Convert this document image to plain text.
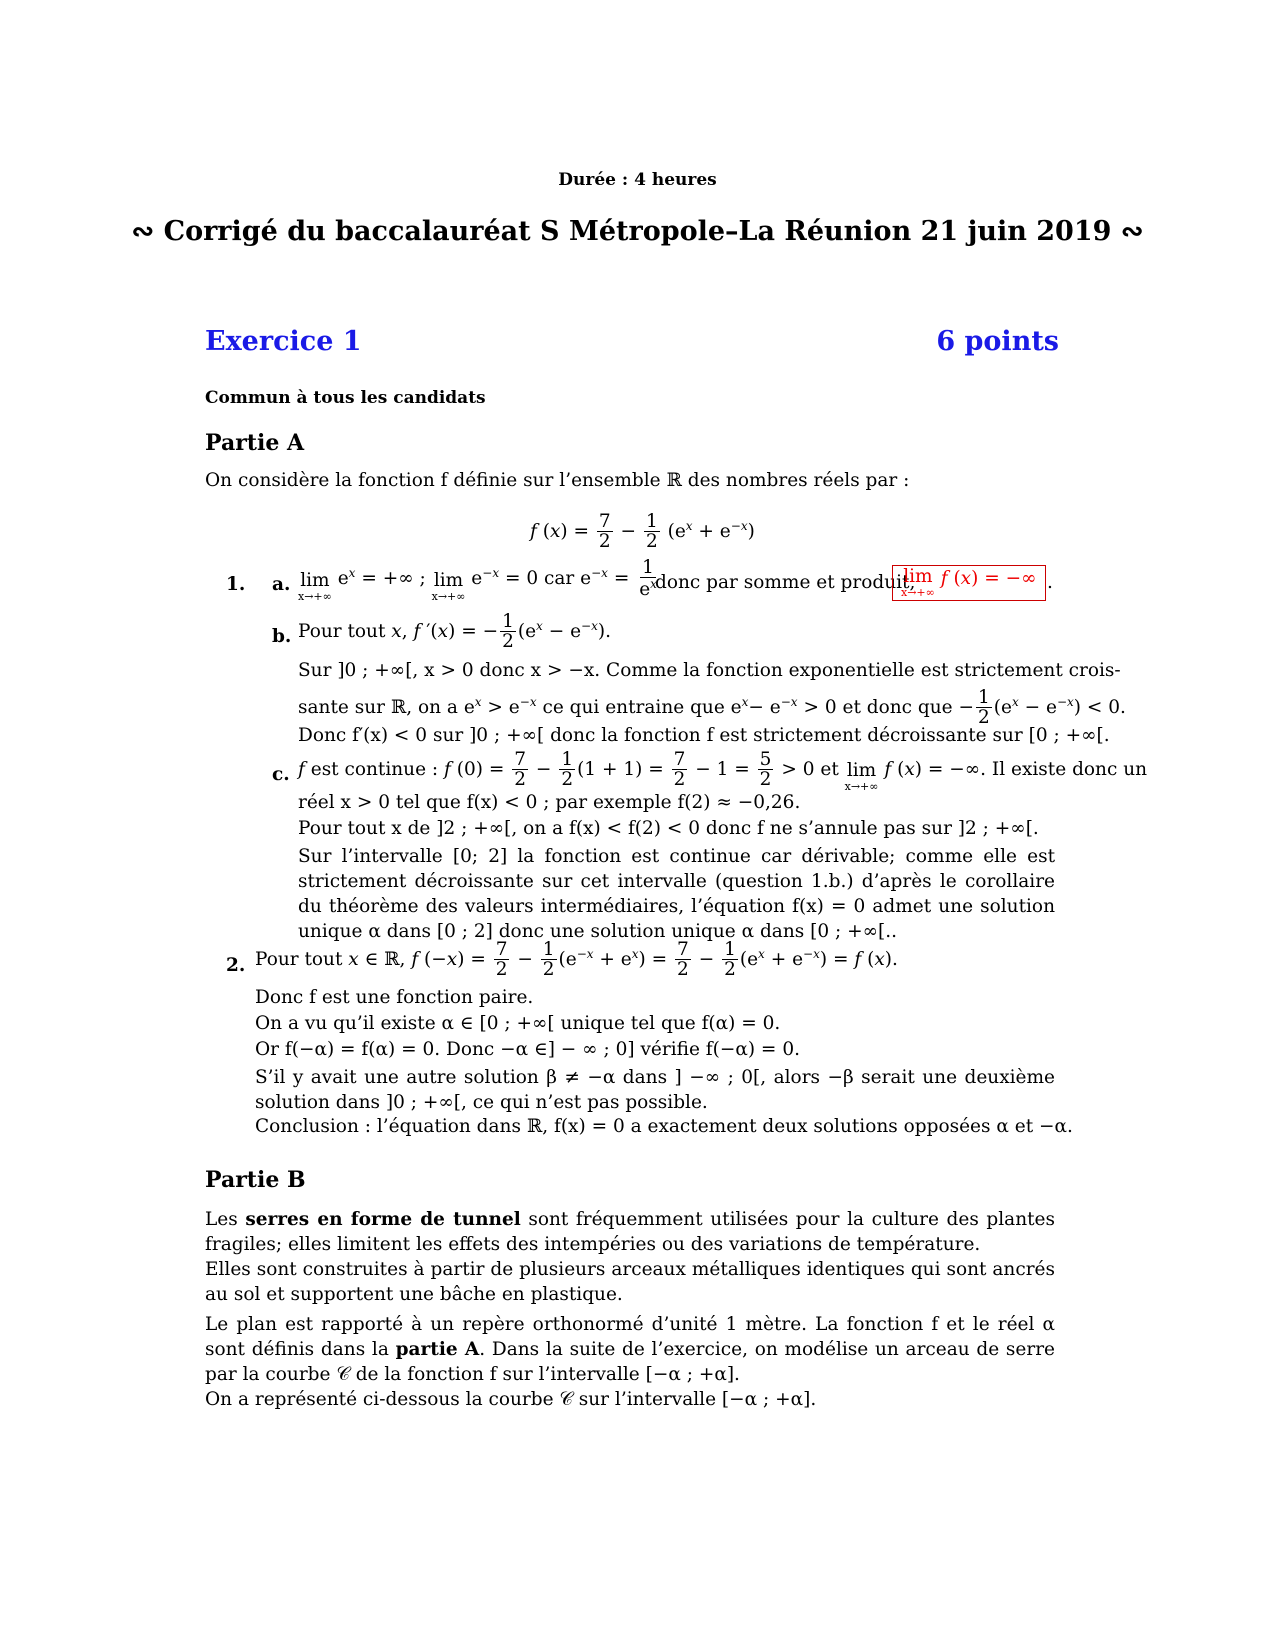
Durée : 4 heures
∾ Corrigé du baccalauréat S Métropole–La Réunion 21 juin 2019 ∾
Exercice 1	6 points
Commun à tous les candidats
Partie A
On considère la fonction f définie sur l’ensemble ℝ des nombres réels par :
f $(x) = \frac{7}{2} - \frac{1}{2} (e^x + e^{-x})$
1. a. lim
x→+∞
$e^x$ = +∞ ; lim
x→+∞
$e^{-x} = 0$ car $e^{-x} = \frac{1}{e^x}$
donc par somme et produit,
lim
x→+∞
f (x) = −∞ .
b. Pour tout x, f ′(x) = − $\frac{1}{2} (e^x - e^{-x})$.
Sur ]0 ; +∞[, x > 0 donc x > −x. Comme la fonction exponentielle est strictement crois-
sante sur ℝ, on a $e^x > e^{-x}$ ce qui entraine que $e^x- e^{-x} > 0$ et donc que − $\frac{1}{2} (e^x - e^{-x}) < 0$.
Donc f′(x) < 0 sur ]0 ; +∞[ donc la fonction f est strictement décroissante sur [0 ; +∞[.
c. f est continue : f $(0) = \frac{7}{2} - \frac{1}{2} (1 + 1) = \frac{7}{2} - 1 = \frac{5}{2} > 0$ et lim
x→+∞
f (x) = −∞. Il existe donc un
réel x > 0 tel que f(x) < 0 ; par exemple f(2) ≈ −0,26.
Pour tout x de ]2 ; +∞[, on a f(x) < f(2) < 0 donc f ne s’annule pas sur ]2 ; +∞[.
Sur l’intervalle [0; 2] la fonction est continue car dérivable; comme elle est strictement décroissante sur cet intervalle (question 1.b.) d’après le corollaire du théorème des valeurs intermédiaires, l’équation f(x) = 0 admet une solution unique α dans [0 ; 2] donc une solution unique α dans [0 ; +∞[..
2. Pour tout x ∈ ℝ, f $(-x) = \frac{7}{2} - \frac{1}{2} (e^{-x} + e^x) = \frac{7}{2} - \frac{1}{2} (e^x + e^{-x}) = f$ (x).
Donc f est une fonction paire.
On a vu qu’il existe α ∈ [0 ; +∞[ unique tel que f(α) = 0.
Or f(−α) = f(α) = 0. Donc −α ∈] − ∞ ; 0] vérifie f(−α) = 0.
S’il y avait une autre solution β ≠ −α dans ] −∞ ; 0[, alors −β serait une deuxième solution dans ]0 ; +∞[, ce qui n’est pas possible.
Conclusion : l’équation dans ℝ, f(x) = 0 a exactement deux solutions opposées α et −α.
Partie B
Les serres en forme de tunnel sont fréquemment utilisées pour la culture des plantes fragiles; elles limitent les effets des intempéries ou des variations de température.
Elles sont construites à partir de plusieurs arceaux métalliques identiques qui sont ancrés au sol et supportent une bâche en plastique.
Le plan est rapporté à un repère orthonormé d’unité 1 mètre. La fonction f et le réel α sont définis dans la partie A. Dans la suite de l’exercice, on modélise un arceau de serre par la courbe 𝒞 de la fonction f sur l’intervalle [−α ; +α].
On a représenté ci-dessous la courbe 𝒞 sur l’intervalle [−α ; +α].
